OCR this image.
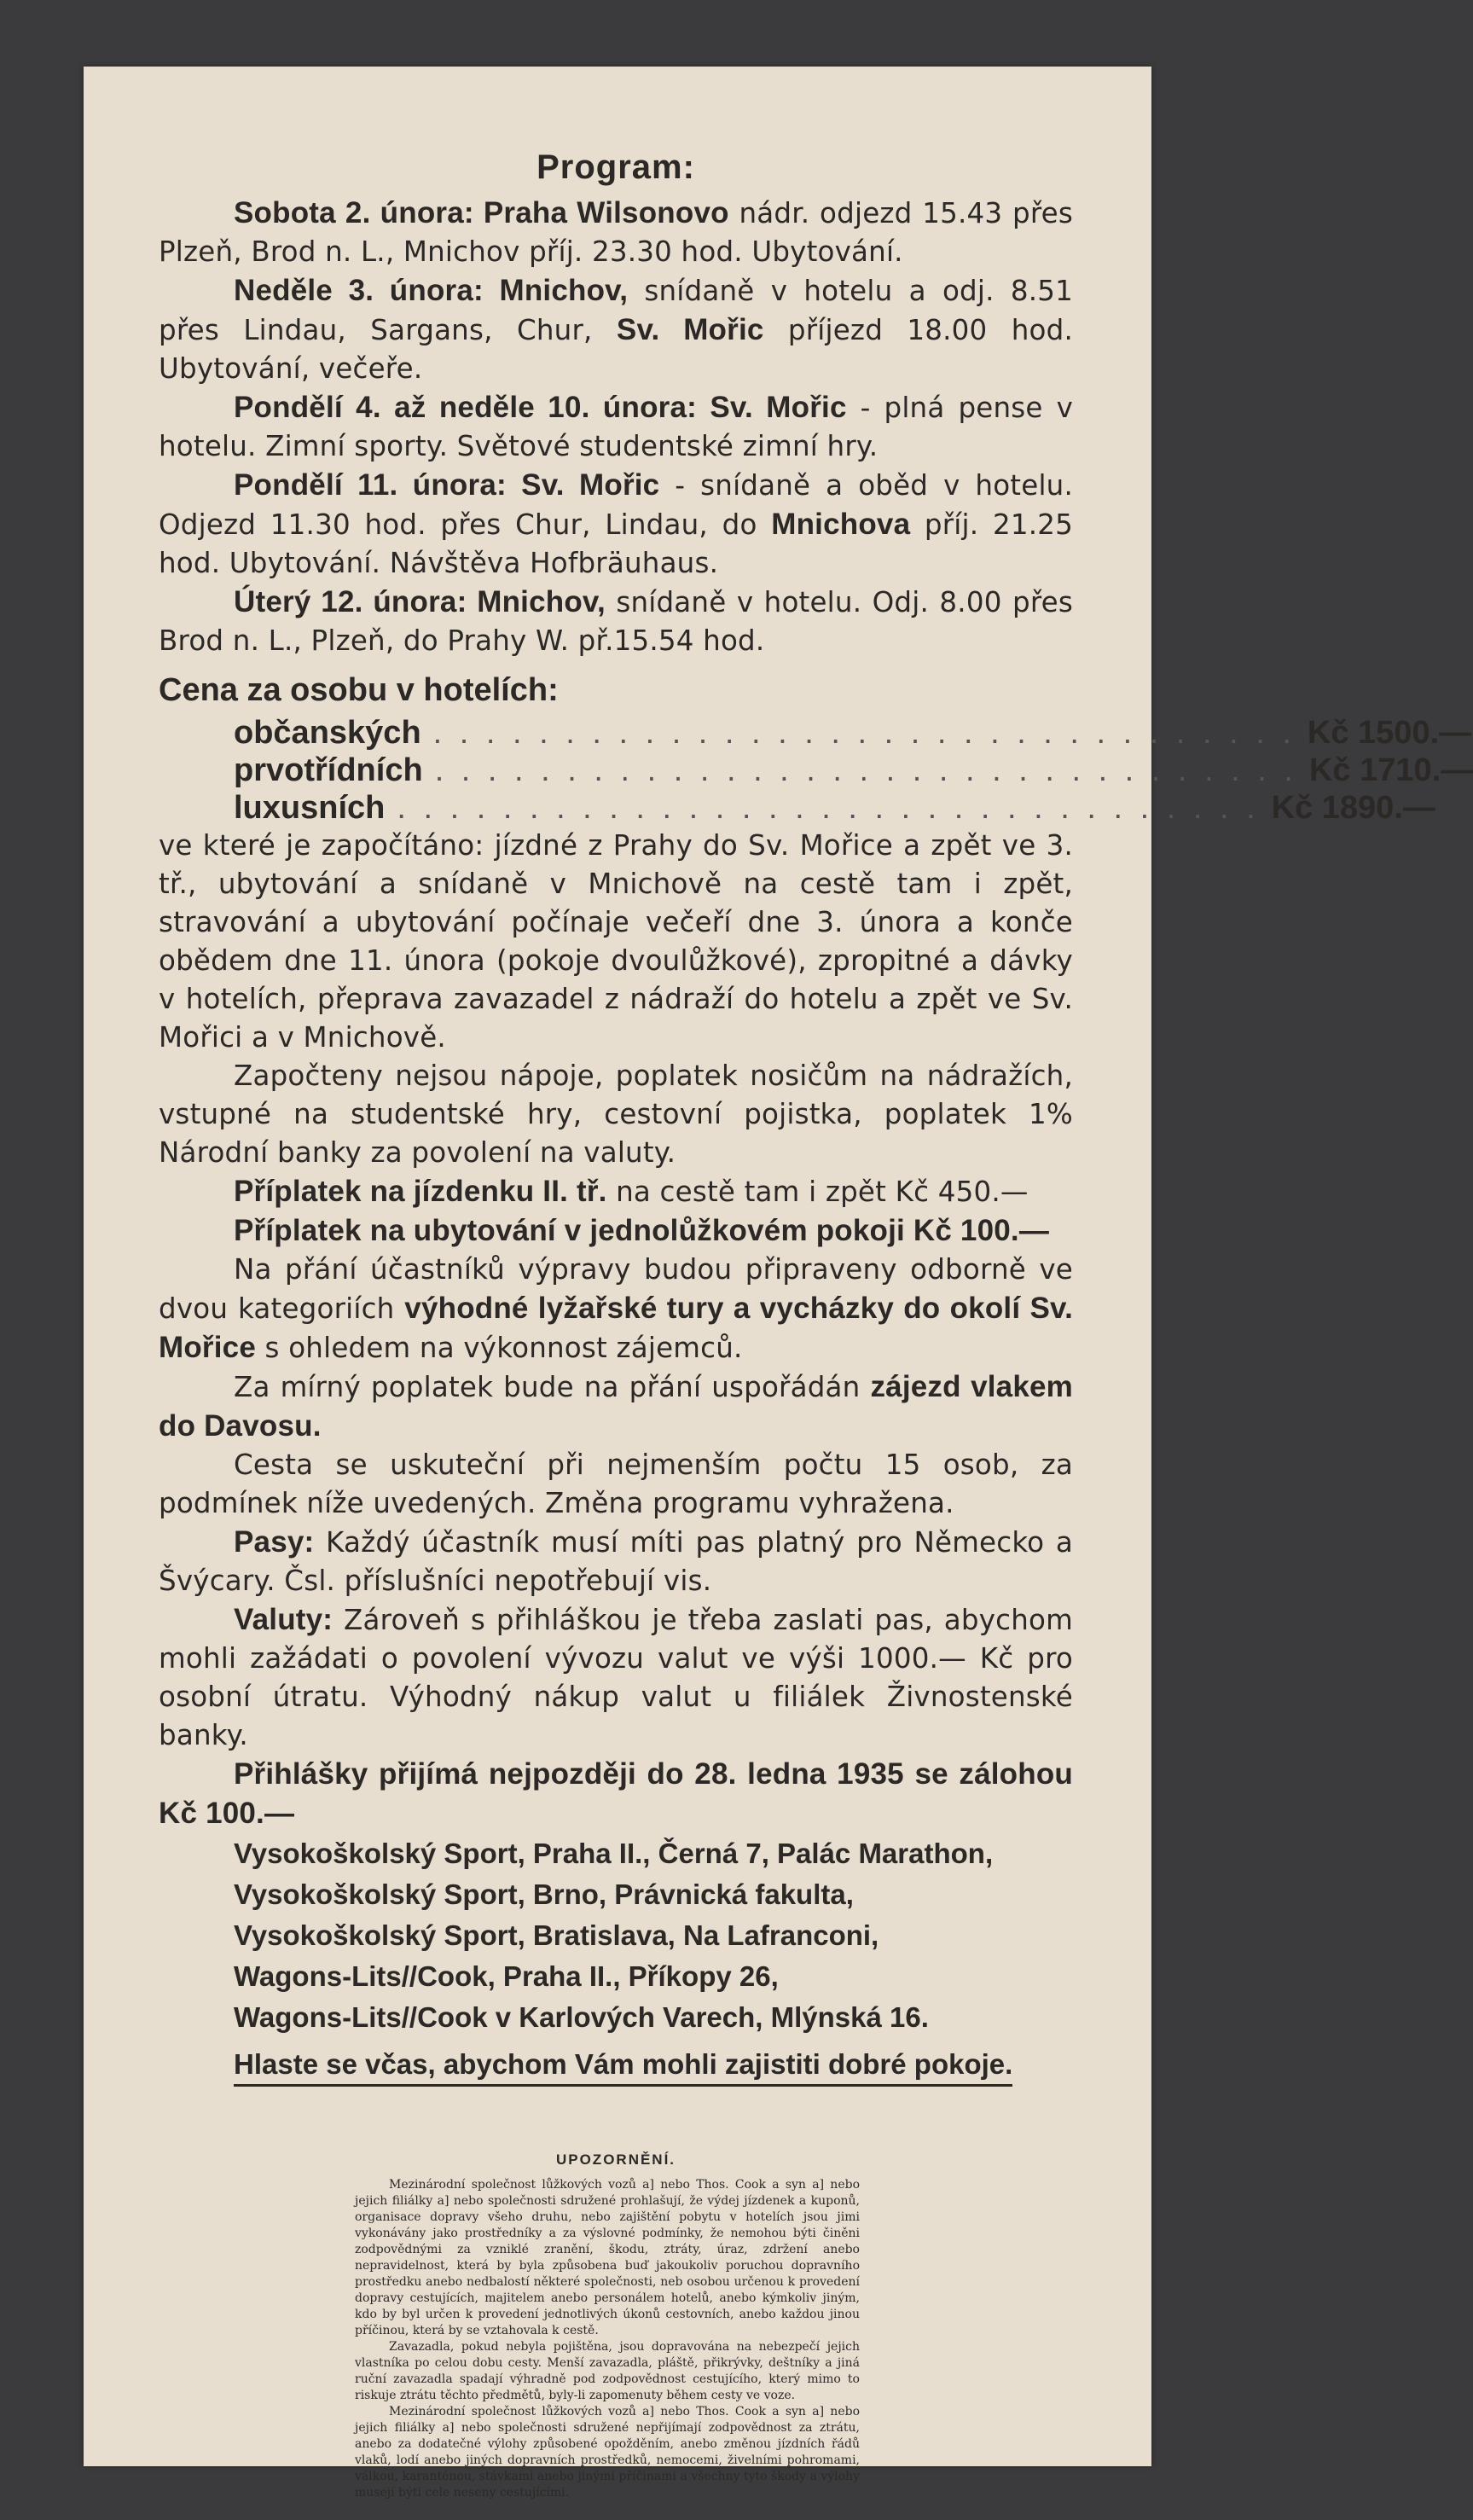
Program:

Sobota 2. února: Praha Wilsonovo nádr. odjezd 15.43 přes Plzeň, Brod n. L., Mnichov příj. 23.30 hod. Ubytování.

Neděle 3. února: Mnichov, snídaně v hotelu a odj. 8.51 přes Lindau, Sargans, Chur, Sv. Mořic příjezd 18.00 hod. Ubytování, večeře.

Pondělí 4. až neděle 10. února: Sv. Mořic - plná pense v hotelu. Zimní sporty. Světové studentské zimní hry.

Pondělí 11. února: Sv. Mořic - snídaně a oběd v hotelu. Odjezd 11.30 hod. přes Chur, Lindau, do Mnichova příj. 21.25 hod. Ubytování. Návštěva Hofbräuhaus.

Úterý 12. února: Mnichov, snídaně v hotelu. Odj. 8.00 přes Brod n. L., Plzeň, do Prahy W. př.15.54 hod.

Cena za osobu v hotelích:
občanských . . . . . . . . . . . . . . . . . . . . . . . . . . . . . . . . . Kč 1500.—
prvotřídních . . . . . . . . . . . . . . . . . . . . . . . . . . . . . . . . . Kč 1710.—
luxusních . . . . . . . . . . . . . . . . . . . . . . . . . . . . . . . . . Kč 1890.—

ve které je započítáno: jízdné z Prahy do Sv. Mořice a zpět ve 3. tř., ubytování a snídaně v Mnichově na cestě tam i zpět, stravování a ubytování počínaje večeří dne 3. února a konče obědem dne 11. února (pokoje dvoulůžkové), zpropitné a dávky v hotelích, přeprava zavazadel z nádraží do hotelu a zpět ve Sv. Mořici a v Mnichově.

Započteny nejsou nápoje, poplatek nosičům na nádražích, vstupné na studentské hry, cestovní pojistka, poplatek 1% Národní banky za povolení na valuty.

Příplatek na jízdenku II. tř. na cestě tam i zpět Kč 450.—

Příplatek na ubytování v jednolůžkovém pokoji Kč 100.—

Na přání účastníků výpravy budou připraveny odborně ve dvou kategoriích výhodné lyžařské tury a vycházky do okolí Sv. Mořice s ohledem na výkonnost zájemců.

Za mírný poplatek bude na přání uspořádán zájezd vlakem do Davosu.

Cesta se uskuteční při nejmenším počtu 15 osob, za podmínek níže uvedených. Změna programu vyhražena.

Pasy: Každý účastník musí míti pas platný pro Německo a Švýcary. Čsl. příslušníci nepotřebují vis.

Valuty: Zároveň s přihláškou je třeba zaslati pas, abychom mohli zažádati o povolení vývozu valut ve výši 1000.— Kč pro osobní útratu. Výhodný nákup valut u filiálek Živnostenské banky.

Přihlášky přijímá nejpozději do 28. ledna 1935 se zálohou Kč 100.—

Vysokoškolský Sport, Praha II., Černá 7, Palác Marathon,
Vysokoškolský Sport, Brno, Právnická fakulta,
Vysokoškolský Sport, Bratislava, Na Lafranconi,
Wagons-Lits//Cook, Praha II., Příkopy 26,
Wagons-Lits//Cook v Karlových Varech, Mlýnská 16.
Hlaste se včas, abychom Vám mohli zajistiti dobré pokoje.
UPOZORNĚNÍ.

Mezinárodní společnost lůžkových vozů a] nebo Thos. Cook a syn a] nebo jejich filiálky a] nebo společnosti sdružené prohlašují, že výdej jízdenek a kuponů, organisace dopravy všeho druhu, nebo zajištění pobytu v hotelích jsou jimi vykonávány jako prostředníky a za výslovné podmínky, že nemohou býti činěni zodpovědnými za vzniklé zranění, škodu, ztráty, úraz, zdržení anebo nepravidelnost, která by byla způsobena buď jakoukoliv poruchou dopravního prostředku anebo nedbalostí některé společnosti, neb osobou určenou k provedení dopravy cestujících, majitelem anebo personálem hotelů, anebo kýmkoliv jiným, kdo by byl určen k provedení jednotlivých úkonů cestovních, anebo každou jinou příčinou, která by se vztahovala k cestě.

Zavazadla, pokud nebyla pojištěna, jsou dopravována na nebezpečí jejich vlastníka po celou dobu cesty. Menší zavazadla, pláště, přikrývky, deštníky a jiná ruční zavazadla spadají výhradně pod zodpovědnost cestujícího, který mimo to riskuje ztrátu těchto předmětů, byly-li zapomenuty během cesty ve voze.

Mezinárodní společnost lůžkových vozů a] nebo Thos. Cook a syn a] nebo jejich filiálky a] nebo společnosti sdružené nepřijímají zodpovědnost za ztrátu, anebo za dodatečné výlohy způsobené opožděním, anebo změnou jízdních řádů vlaků, lodí anebo jiných dopravních prostředků, nemocemi, živelními pohromami, válkou, karanténou, stávkami anebo jinými příčinami a všechny tyto škody a výlohy musejí býti cele neseny cestujícími.
